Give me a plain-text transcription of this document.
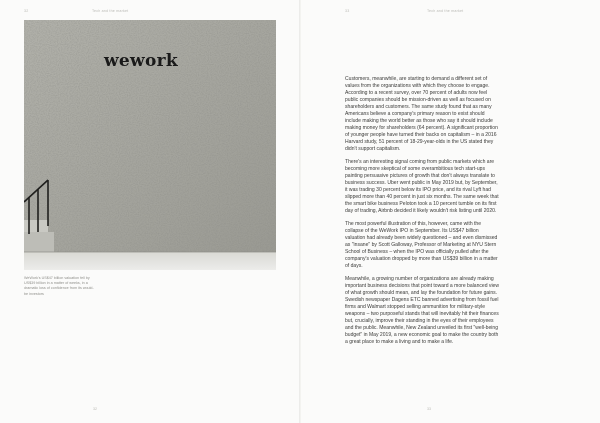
32	Tech and the market
wework

WeWork's US$47 billion valuation fell by US$39 billion in a matter of weeks, in a dramatic loss of confidence from its would-be investors

32
33	Tech and the market
33

Customers, meanwhile, are starting to demand a different set of values from the organizations with which they choose to engage. According to a recent survey, over 70 percent of adults now feel public companies should be mission-driven as well as focused on shareholders and customers. The same study found that as many Americans believe a company's primary reason to exist should include making the world better as those who say it should include making money for shareholders (64 percent). A significant proportion of younger people have turned their backs on capitalism – in a 2016 Harvard study, 51 percent of 18-29-year-olds in the US stated they didn't support capitalism.

There's an interesting signal coming from public markets which are becoming more skeptical of some overambitious tech start-ups painting persuasive pictures of growth that don't always translate to business success. Uber went public in May 2019 but, by September, it was trading 30 percent below its IPO price, and its rival Lyft had slipped more than 40 percent in just six months. The same week that the smart bike business Peloton took a 10 percent tumble on its first day of trading, Airbnb decided it likely wouldn't risk listing until 2020.

The most powerful illustration of this, however, came with the collapse of the WeWork IPO in September. Its US$47 billion valuation had already been widely questioned – and even dismissed as "insane" by Scott Galloway, Professor of Marketing at NYU Stern School of Business – when the IPO was officially pulled after the company's valuation dropped by more than US$39 billion in a matter of days.

Meanwhile, a growing number of organizations are already making important business decisions that point toward a more balanced view of what growth should mean, and lay the foundation for future gains. Swedish newspaper Dagens ETC banned advertising from fossil fuel firms and Walmart stopped selling ammunition for military-style weapons – two purposeful stands that will inevitably hit their finances but, crucially, improve their standing in the eyes of their employees and the public. Meanwhile, New Zealand unveiled its first "well-being budget" in May 2019, a new economic goal to make the country both a great place to make a living and to make a life.
